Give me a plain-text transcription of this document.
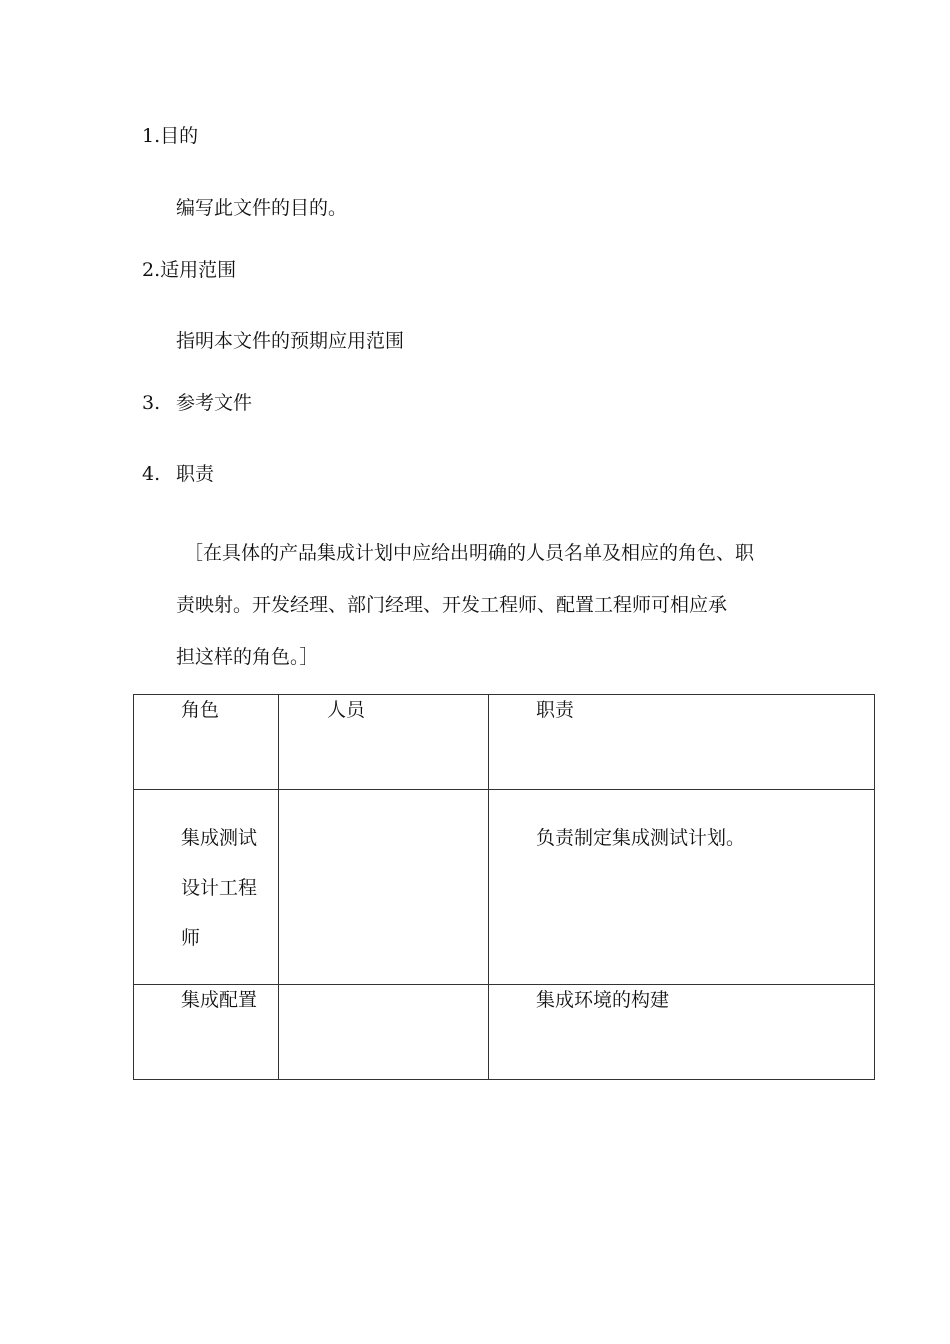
1.目的
编写此文件的目的。
2.适用范围
指明本文件的预期应用范围
3. 参考文件
4. 职责
［在具体的产品集成计划中应给出明确的人员名单及相应的角色、职
责映射。开发经理、部门经理、开发工程师、配置工程师可相应承
担这样的角色。］
角色	人员	职责

集成测试设计工程师		负责制定集成测试计划。

集成配置		集成环境的构建
